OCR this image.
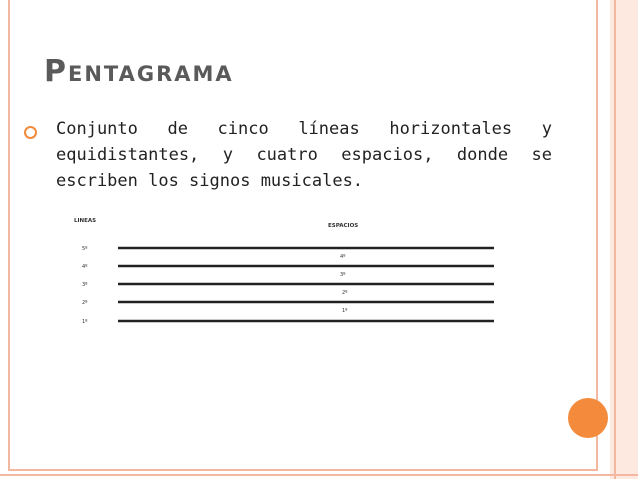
Pentagrama
Conjunto de cinco líneas horizontales y equidistantes, y cuatro espacios, donde se escriben los signos musicales.
LINEAS
ESPACIOS
5º
4º
3º
2º
1º
4º
3º
2º
1º
